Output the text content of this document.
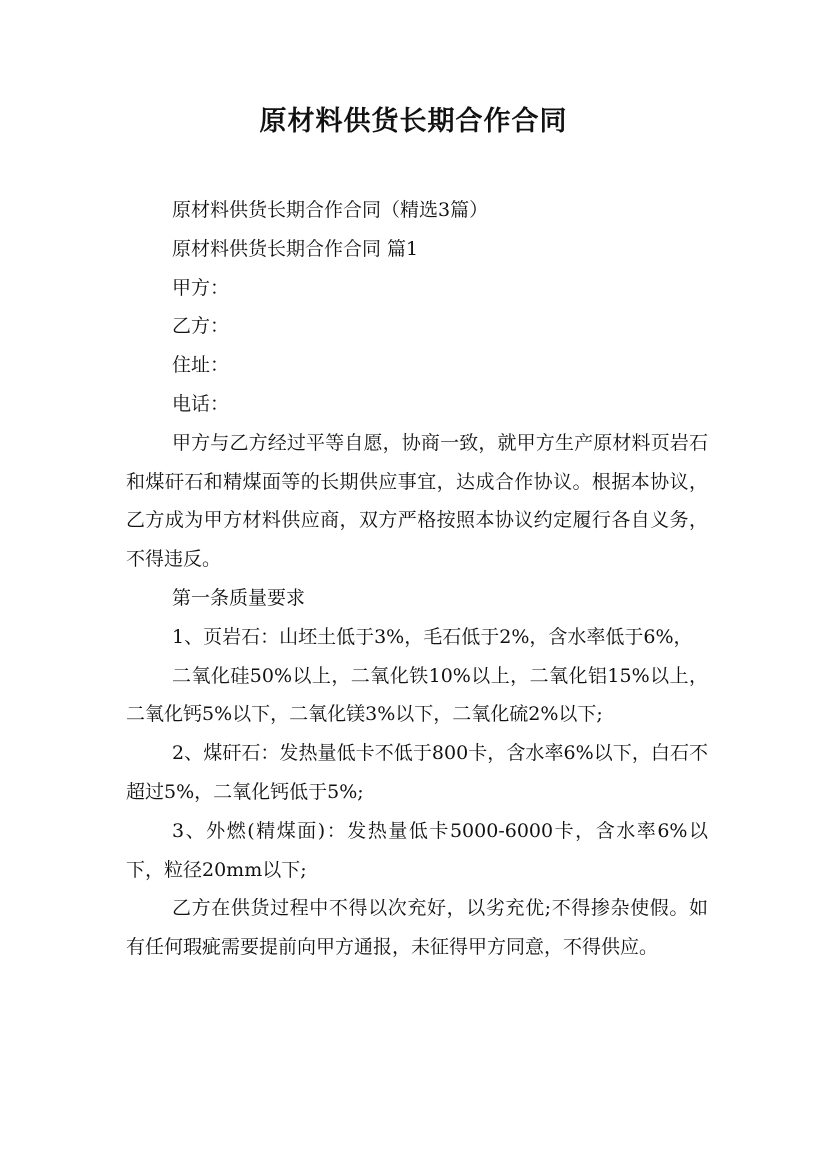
原材料供货长期合作合同

原材料供货长期合作合同（精选3篇）

原材料供货长期合作合同 篇1

甲方：

乙方：

住址：

电话：

甲方与乙方经过平等自愿，协商一致，就甲方生产原材料页岩石和煤矸石和精煤面等的长期供应事宜，达成合作协议。根据本协议，乙方成为甲方材料供应商，双方严格按照本协议约定履行各自义务，不得违反。

第一条质量要求

1、页岩石：山坯土低于3%，毛石低于2%，含水率低于6%，

二氧化硅50%以上，二氧化铁10%以上，二氧化铝15%以上，二氧化钙5%以下，二氧化镁3%以下，二氧化硫2%以下;

2、煤矸石：发热量低卡不低于800卡，含水率6%以下，白石不超过5%，二氧化钙低于5%;

3、外燃(精煤面)：发热量低卡5000-6000卡，含水率6%以下，粒径20mm以下;

乙方在供货过程中不得以次充好，以劣充优;不得掺杂使假。如有任何瑕疵需要提前向甲方通报，未征得甲方同意，不得供应。
